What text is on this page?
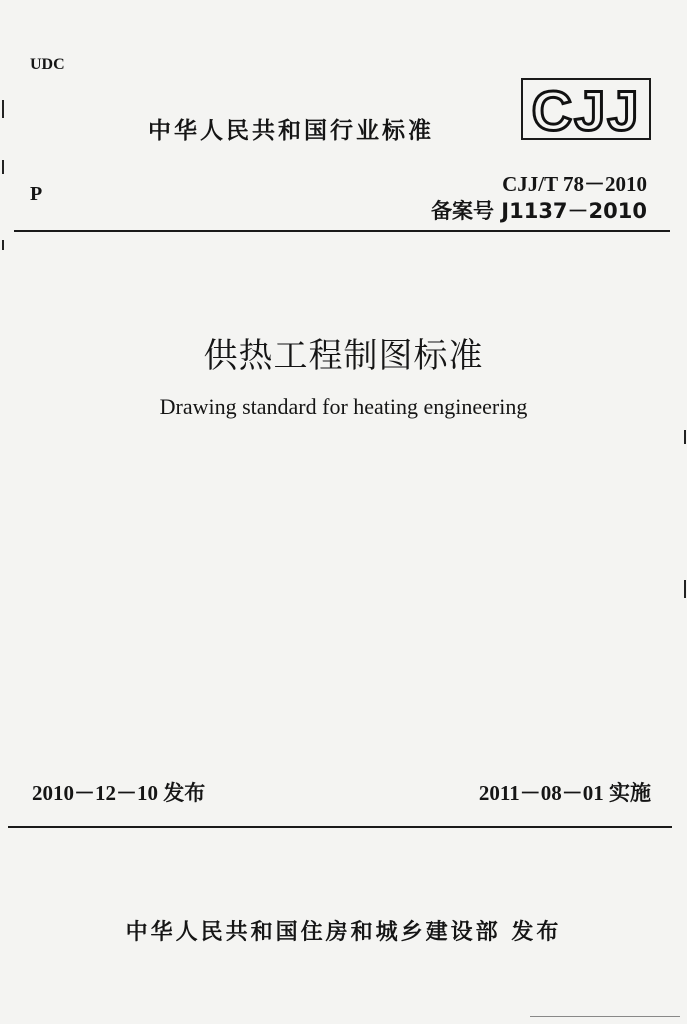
UDC
中华人民共和国行业标准 CJJ
P	CJJ/T 78－2010
备案号 J1137－2010
供热工程制图标准
Drawing standard for heating engineering
2010－12－10 发布	2011－08－01 实施
中华人民共和国住房和城乡建设部 发布
